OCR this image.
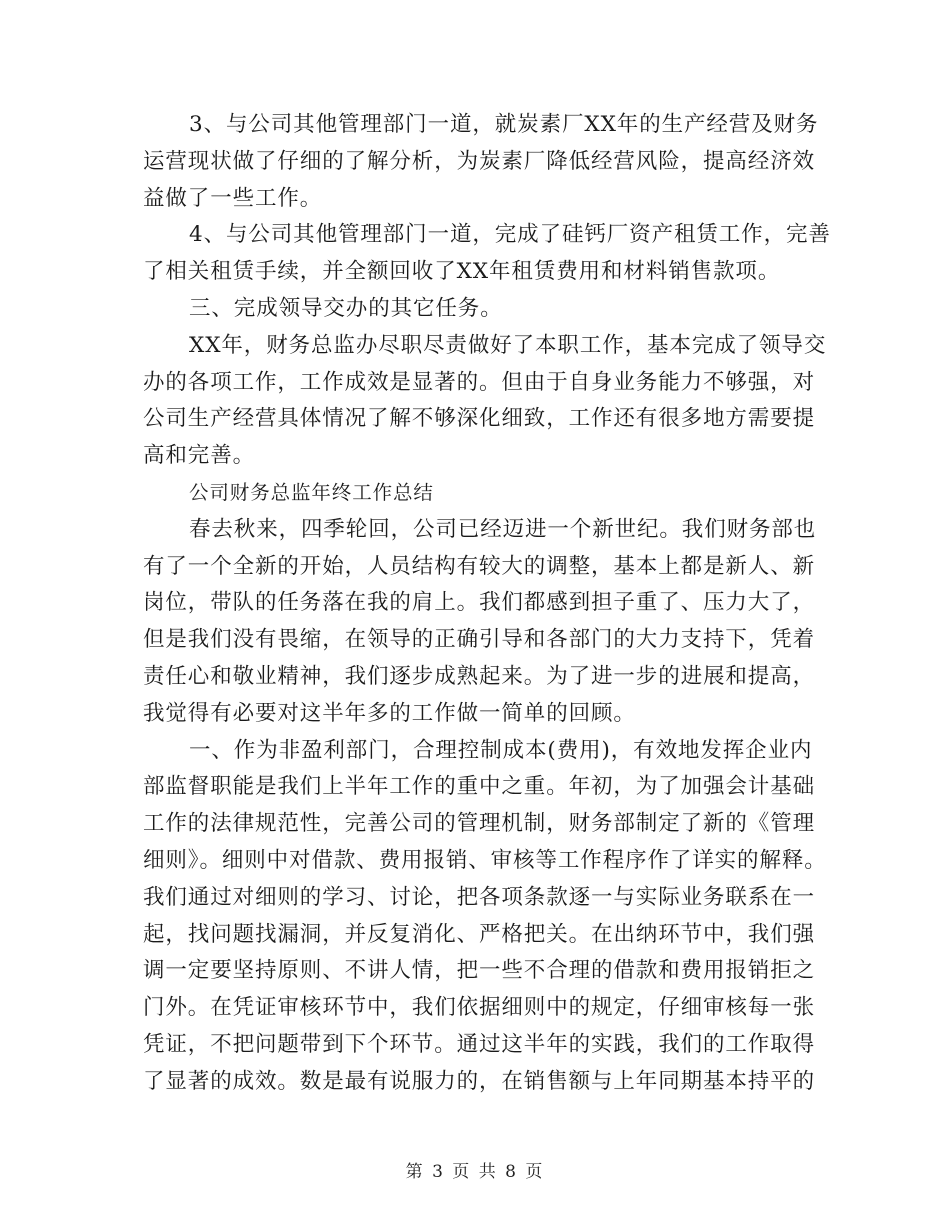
3、与公司其他管理部门一道，就炭素厂XX年的生产经营及财务
运营现状做了仔细的了解分析，为炭素厂降低经营风险，提高经济效
益做了一些工作。

4、与公司其他管理部门一道，完成了硅钙厂资产租赁工作，完善
了相关租赁手续，并全额回收了XX年租赁费用和材料销售款项。

三、完成领导交办的其它任务。

XX年，财务总监办尽职尽责做好了本职工作，基本完成了领导交
办的各项工作，工作成效是显著的。但由于自身业务能力不够强，对
公司生产经营具体情况了解不够深化细致，工作还有很多地方需要提
高和完善。

公司财务总监年终工作总结

春去秋来，四季轮回，公司已经迈进一个新世纪。我们财务部也
有了一个全新的开始，人员结构有较大的调整，基本上都是新人、新
岗位，带队的任务落在我的肩上。我们都感到担子重了、压力大了，
但是我们没有畏缩，在领导的正确引导和各部门的大力支持下，凭着
责任心和敬业精神，我们逐步成熟起来。为了进一步的进展和提高，
我觉得有必要对这半年多的工作做一简单的回顾。

一、作为非盈利部门，合理控制成本(费用)，有效地发挥企业内
部监督职能是我们上半年工作的重中之重。年初，为了加强会计基础
工作的法律规范性，完善公司的管理机制，财务部制定了新的《管理
细则》。细则中对借款、费用报销、审核等工作程序作了详实的解释。
我们通过对细则的学习、讨论，把各项条款逐一与实际业务联系在一
起，找问题找漏洞，并反复消化、严格把关。在出纳环节中，我们强
调一定要坚持原则、不讲人情，把一些不合理的借款和费用报销拒之
门外。在凭证审核环节中，我们依据细则中的规定，仔细审核每一张
凭证，不把问题带到下个环节。通过这半年的实践，我们的工作取得
了显著的成效。数是最有说服力的，在销售额与上年同期基本持平的

第 3 页 共 8 页
